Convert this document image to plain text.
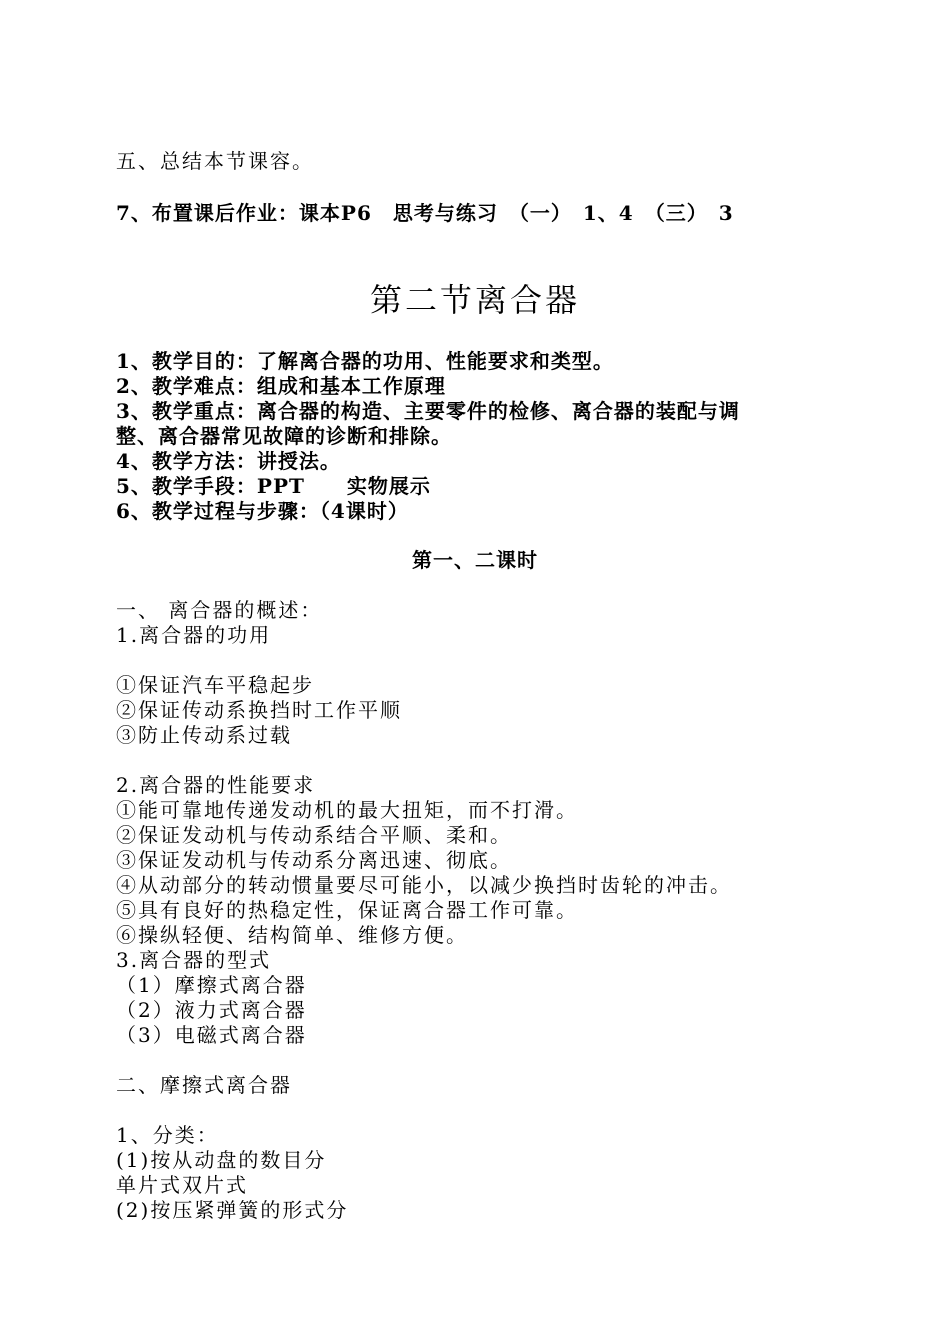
五、总结本节课容。
7、布置课后作业：课本P6　思考与练习　（一）　1、4　（三）　3
第二节离合器
1、教学目的：了解离合器的功用、性能要求和类型。
2、教学难点：组成和基本工作原理
3、教学重点：离合器的构造、主要零件的检修、离合器的装配与调
整、离合器常见故障的诊断和排除。
4、教学方法：讲授法。
5、教学手段：PPT　　实物展示
6、教学过程与步骤：（4课时）
第一、二课时
一、 离合器的概述：
1.离合器的功用
①保证汽车平稳起步
②保证传动系换挡时工作平顺
③防止传动系过载
2.离合器的性能要求
①能可靠地传递发动机的最大扭矩，而不打滑。
②保证发动机与传动系结合平顺、柔和。
③保证发动机与传动系分离迅速、彻底。
④从动部分的转动惯量要尽可能小，以减少换挡时齿轮的冲击。
⑤具有良好的热稳定性，保证离合器工作可靠。
⑥操纵轻便、结构简单、维修方便。
3.离合器的型式
（1）摩擦式离合器
（2）液力式离合器
（3）电磁式离合器
二、摩擦式离合器
1、分类：
(1)按从动盘的数目分
单片式双片式
(2)按压紧弹簧的形式分
